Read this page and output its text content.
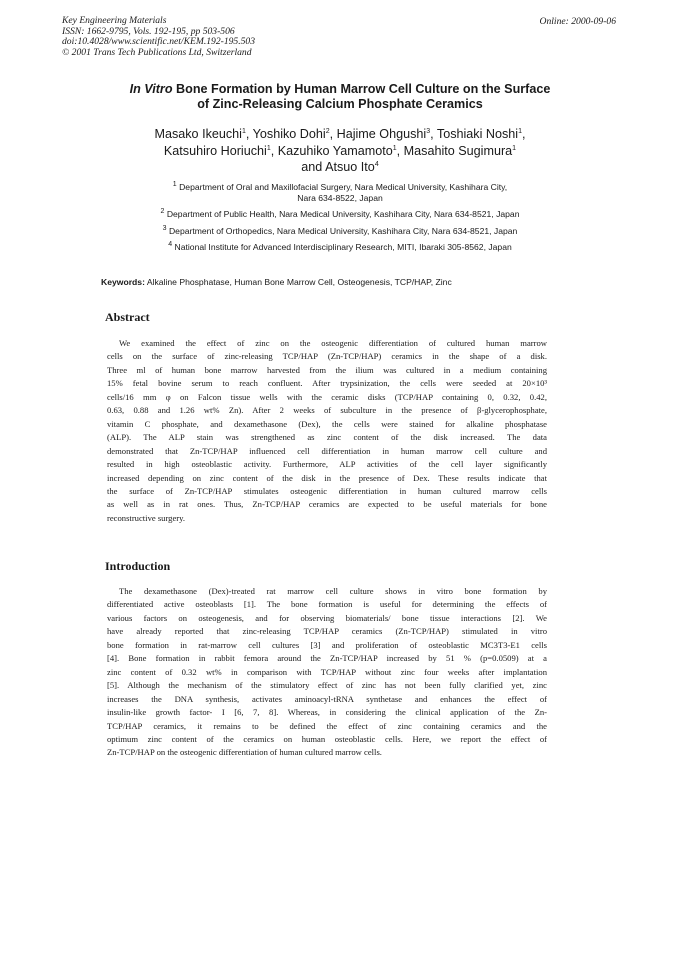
Key Engineering Materials
ISSN: 1662-9795, Vols. 192-195, pp 503-506
doi:10.4028/www.scientific.net/KEM.192-195.503
© 2001 Trans Tech Publications Ltd, Switzerland
Online: 2000-09-06
In Vitro Bone Formation by Human Marrow Cell Culture on the Surface
of Zinc-Releasing Calcium Phosphate Ceramics
Masako Ikeuchi$^1$, Yoshiko Dohi$^2$, Hajime Ohgushi$^3$, Toshiaki Noshi$^1$,
Katsuhiro Horiuchi$^1$, Kazuhiko Yamamoto$^1$, Masahito Sugimura$^1$
and Atsuo Ito$^4$
$^1$ Department of Oral and Maxillofacial Surgery, Nara Medical University, Kashihara City,
Nara 634-8522, Japan
$^2$ Department of Public Health, Nara Medical University, Kashihara City, Nara 634-8521, Japan
$^3$ Department of Orthopedics, Nara Medical University, Kashihara City, Nara 634-8521, Japan
$^4$ National Institute for Advanced Interdisciplinary Research, MITI, Ibaraki 305-8562, Japan
Keywords: Alkaline Phosphatase, Human Bone Marrow Cell, Osteogenesis, TCP/HAP, Zinc
Abstract
We examined the effect of zinc on the osteogenic differentiation of cultured human marrow
cells on the surface of zinc-releasing TCP/HAP (Zn-TCP/HAP) ceramics in the shape of a disk.
Three ml of human bone marrow harvested from the ilium was cultured in a medium containing
15% fetal bovine serum to reach confluent. After trypsinization, the cells were seeded at 20×10³
cells/16 mm φ on Falcon tissue wells with the ceramic disks (TCP/HAP containing 0, 0.32, 0.42,
0.63, 0.88 and 1.26 wt% Zn). After 2 weeks of subculture in the presence of β-glycerophosphate,
vitamin C phosphate, and dexamethasone (Dex), the cells were stained for alkaline phosphatase
(ALP). The ALP stain was strengthened as zinc content of the disk increased. The data
demonstrated that Zn-TCP/HAP influenced cell differentiation in human marrow cell culture and
resulted in high osteoblastic activity. Furthermore, ALP activities of the cell layer significantly
increased depending on zinc content of the disk in the presence of Dex. These results indicate that
the surface of Zn-TCP/HAP stimulates osteogenic differentiation in human cultured marrow cells
as well as in rat ones. Thus, Zn-TCP/HAP ceramics are expected to be useful materials for bone
reconstructive surgery.
Introduction
The dexamethasone (Dex)-treated rat marrow cell culture shows in vitro bone formation by
differentiated active osteoblasts [1]. The bone formation is useful for determining the effects of
various factors on osteogenesis, and for observing biomaterials/ bone tissue interactions [2]. We
have already reported that zinc-releasing TCP/HAP ceramics (Zn-TCP/HAP) stimulated in vitro
bone formation in rat-marrow cell cultures [3] and proliferation of osteoblastic MC3T3-E1 cells
[4]. Bone formation in rabbit femora around the Zn-TCP/HAP increased by 51 % (p=0.0509) at a
zinc content of 0.32 wt% in comparison with TCP/HAP without zinc four weeks after implantation
[5]. Although the mechanism of the stimulatory effect of zinc has not been fully clarified yet, zinc
increases the DNA synthesis, activates aminoacyl-tRNA synthetase and enhances the effect of
insulin-like growth factor- I [6, 7, 8]. Whereas, in considering the clinical application of the Zn-
TCP/HAP ceramics, it remains to be defined the effect of zinc containing ceramics and the
optimum zinc content of the ceramics on human osteoblastic cells. Here, we report the effect of
Zn-TCP/HAP on the osteogenic differentiation of human cultured marrow cells.
